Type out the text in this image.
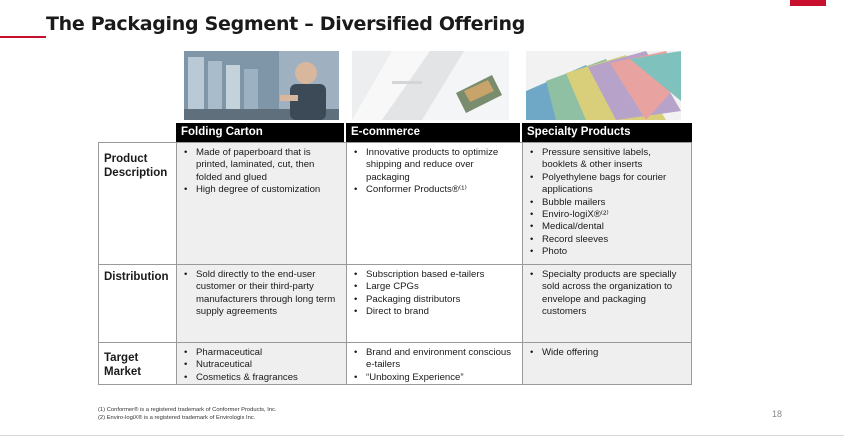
The Packaging Segment – Diversified Offering
Folding Carton	E-commerce	Specialty Products
Product Description
• Made of paperboard that is printed, laminated, cut, then folded and glued
• High degree of customization
• Innovative products to optimize shipping and reduce over packaging
• Conformer Products®⁽¹⁾
• Pressure sensitive labels, booklets & other inserts
• Polyethylene bags for courier applications
• Bubble mailers
• Enviro-logiX®⁽²⁾
• Medical/dental
• Record sleeves
• Photo
Distribution
•	Sold directly to the end-user customer or their third-party manufacturers through long term supply agreements
• Subscription based e-tailers
• Large CPGs
• Packaging distributors
• Direct to brand
• Specialty products are specially sold across the organization to envelope and packaging customers
Target Market
• Pharmaceutical
• Nutraceutical
• Cosmetics & fragrances
• Brand and environment conscious e-tailers
• “Unboxing Experience”
• Wide offering
(1) Conformer® is a registered trademark of Conformer Products, Inc.
(2) Enviro-logiX® is a registered trademark of Envirologix Inc.	18
